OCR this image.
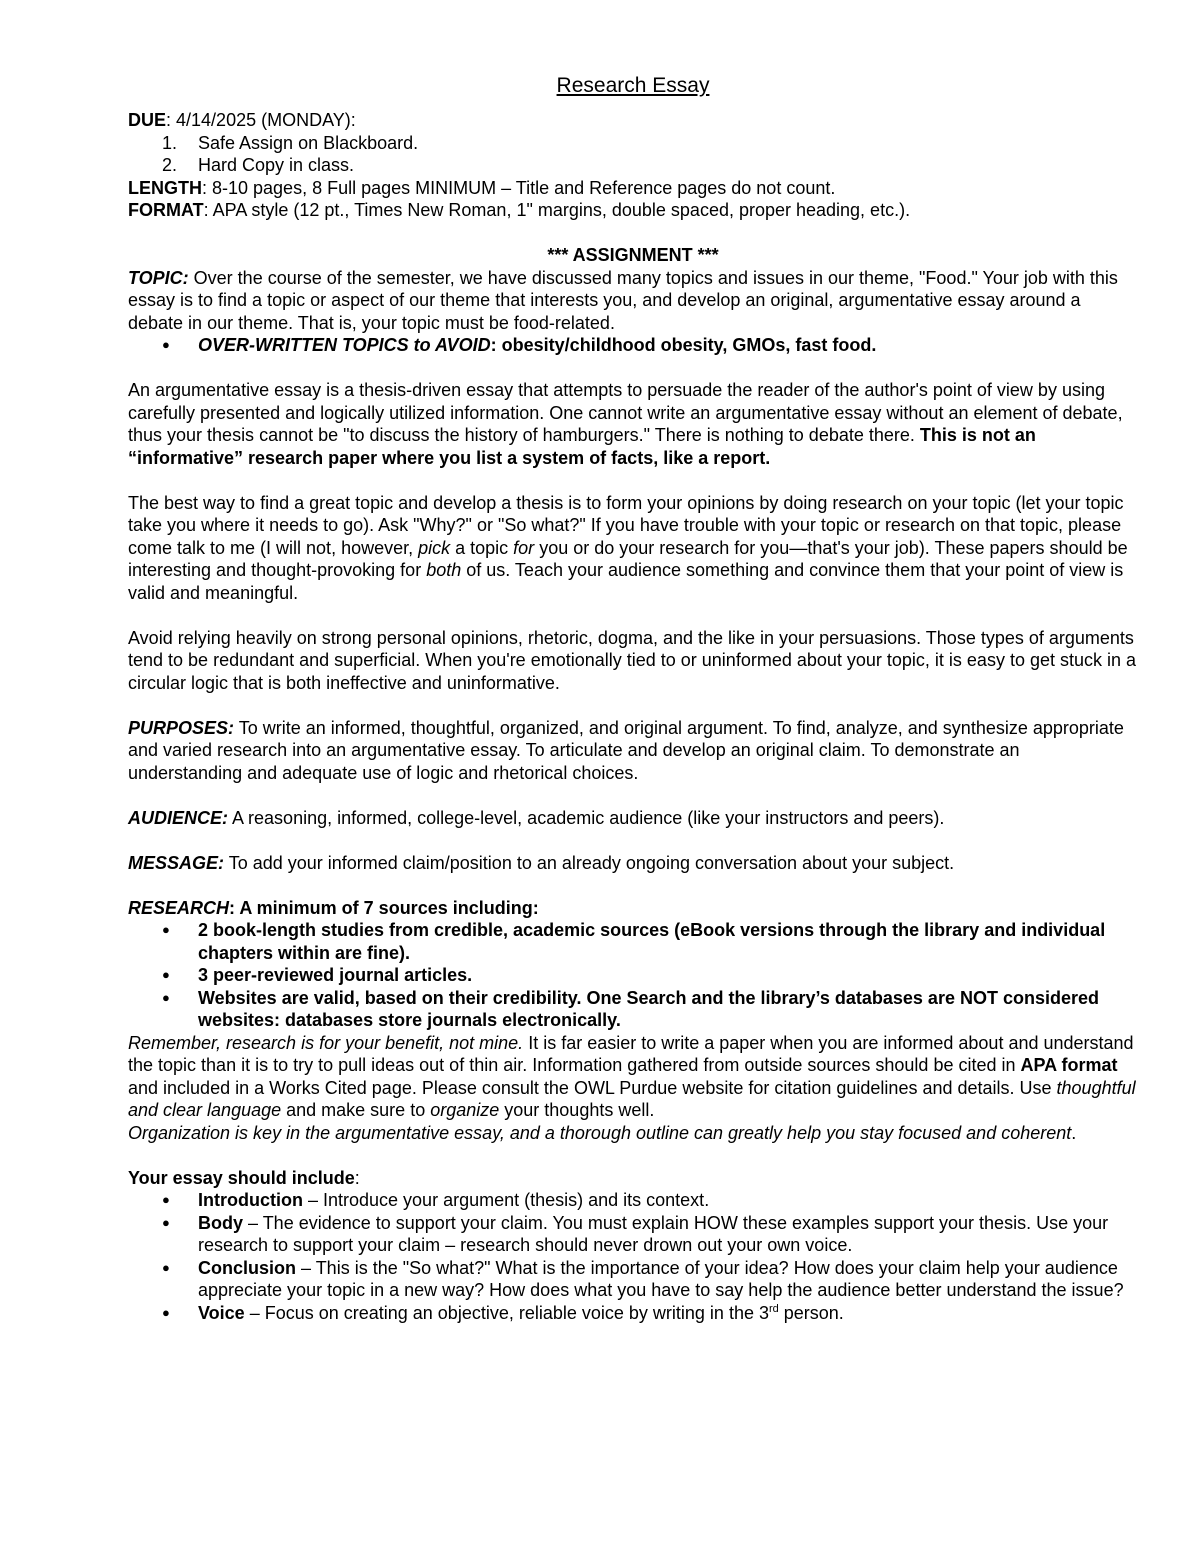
Research Essay

DUE: 4/14/2025 (MONDAY):

1. Safe Assign on Blackboard.
2. Hard Copy in class.

LENGTH: 8-10 pages, 8 Full pages MINIMUM – Title and Reference pages do not count.

FORMAT: APA style (12 pt., Times New Roman, 1" margins, double spaced, proper heading, etc.).

*** ASSIGNMENT ***

TOPIC: Over the course of the semester, we have discussed many topics and issues in our theme, "Food." Your job with this essay is to find a topic or aspect of our theme that interests you, and develop an original, argumentative essay around a debate in our theme. That is, your topic must be food-related.

● OVER-WRITTEN TOPICS to AVOID: obesity/childhood obesity, GMOs, fast food.

An argumentative essay is a thesis-driven essay that attempts to persuade the reader of the author's point of view by using carefully presented and logically utilized information. One cannot write an argumentative essay without an element of debate, thus your thesis cannot be "to discuss the history of hamburgers." There is nothing to debate there. This is not an “informative” research paper where you list a system of facts, like a report.

The best way to find a great topic and develop a thesis is to form your opinions by doing research on your topic (let your topic take you where it needs to go). Ask "Why?" or "So what?" If you have trouble with your topic or research on that topic, please come talk to me (I will not, however, pick a topic for you or do your research for you—that's your job). These papers should be interesting and thought-provoking for both of us. Teach your audience something and convince them that your point of view is valid and meaningful.

Avoid relying heavily on strong personal opinions, rhetoric, dogma, and the like in your persuasions. Those types of arguments tend to be redundant and superficial. When you're emotionally tied to or uninformed about your topic, it is easy to get stuck in a circular logic that is both ineffective and uninformative.

PURPOSES: To write an informed, thoughtful, organized, and original argument. To find, analyze, and synthesize appropriate and varied research into an argumentative essay. To articulate and develop an original claim. To demonstrate an understanding and adequate use of logic and rhetorical choices.

AUDIENCE: A reasoning, informed, college-level, academic audience (like your instructors and peers).

MESSAGE: To add your informed claim/position to an already ongoing conversation about your subject.

RESEARCH: A minimum of 7 sources including:

● 2 book-length studies from credible, academic sources (eBook versions through the library and individual chapters within are fine).
● 3 peer-reviewed journal articles.
● Websites are valid, based on their credibility. One Search and the library’s databases are NOT considered websites: databases store journals electronically.

Remember, research is for your benefit, not mine. It is far easier to write a paper when you are informed about and understand the topic than it is to try to pull ideas out of thin air. Information gathered from outside sources should be cited in APA format and included in a Works Cited page. Please consult the OWL Purdue website for citation guidelines and details. Use thoughtful and clear language and make sure to organize your thoughts well.
Organization is key in the argumentative essay, and a thorough outline can greatly help you stay focused and coherent.

Your essay should include:

● Introduction – Introduce your argument (thesis) and its context.
● Body – The evidence to support your claim. You must explain HOW these examples support your thesis. Use your research to support your claim – research should never drown out your own voice.
● Conclusion – This is the "So what?" What is the importance of your idea? How does your claim help your audience appreciate your topic in a new way? How does what you have to say help the audience better understand the issue?
● Voice – Focus on creating an objective, reliable voice by writing in the 3rd person.
